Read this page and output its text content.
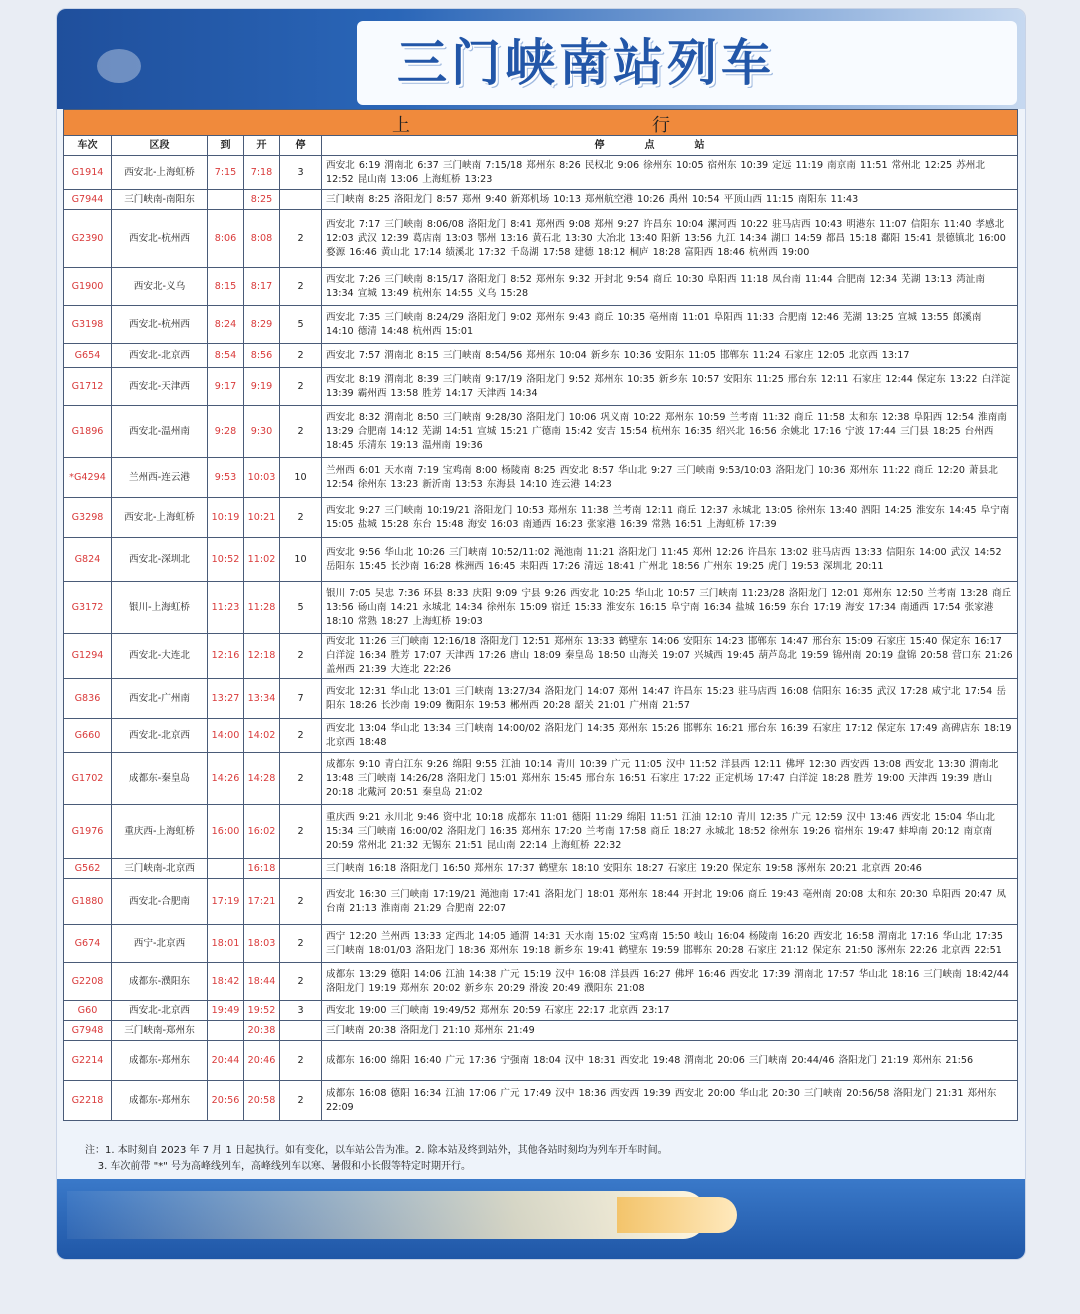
三门峡南站列车
上	行
车次	区段	到	开	停	停点站
G1914	西安北-上海虹桥	7:15	7:18	3	西安北 6:19 渭南北 6:37 三门峡南 7:15/18 郑州东 8:26 民权北 9:06 徐州东 10:05 宿州东 10:39 定远 11:19 南京南 11:51 常州北 12:25 苏州北 12:52 昆山南 13:06 上海虹桥 13:23
G7944	三门峡南-南阳东		8:25		三门峡南 8:25 洛阳龙门 8:57 郑州 9:40 新郑机场 10:13 郑州航空港 10:26 禹州 10:54 平顶山西 11:15 南阳东 11:43
G2390	西安北-杭州西	8:06	8:08	2	西安北 7:17 三门峡南 8:06/08 洛阳龙门 8:41 郑州西 9:08 郑州 9:27 许昌东 10:04 漯河西 10:22 驻马店西 10:43 明港东 11:07 信阳东 11:40 孝感北 12:03 武汉 12:39 葛店南 13:03 鄂州 13:16 黄石北 13:30 大冶北 13:40 阳新 13:56 九江 14:34 湖口 14:59 都昌 15:18 鄱阳 15:41 景德镇北 16:00 婺源 16:46 黄山北 17:14 绩溪北 17:32 千岛湖 17:58 建德 18:12 桐庐 18:28 富阳西 18:46 杭州西 19:00
G1900	西安北-义乌	8:15	8:17	2	西安北 7:26 三门峡南 8:15/17 洛阳龙门 8:52 郑州东 9:32 开封北 9:54 商丘 10:30 阜阳西 11:18 凤台南 11:44 合肥南 12:34 芜湖 13:13 湾沚南 13:34 宣城 13:49 杭州东 14:55 义乌 15:28
G3198	西安北-杭州西	8:24	8:29	5	西安北 7:35 三门峡南 8:24/29 洛阳龙门 9:02 郑州东 9:43 商丘 10:35 亳州南 11:01 阜阳西 11:33 合肥南 12:46 芜湖 13:25 宣城 13:55 郎溪南 14:10 德清 14:48 杭州西 15:01
G654	西安北-北京西	8:54	8:56	2	西安北 7:57 渭南北 8:15 三门峡南 8:54/56 郑州东 10:04 新乡东 10:36 安阳东 11:05 邯郸东 11:24 石家庄 12:05 北京西 13:17
G1712	西安北-天津西	9:17	9:19	2	西安北 8:19 渭南北 8:39 三门峡南 9:17/19 洛阳龙门 9:52 郑州东 10:35 新乡东 10:57 安阳东 11:25 邢台东 12:11 石家庄 12:44 保定东 13:22 白洋淀 13:39 霸州西 13:58 胜芳 14:17 天津西 14:34
G1896	西安北-温州南	9:28	9:30	2	西安北 8:32 渭南北 8:50 三门峡南 9:28/30 洛阳龙门 10:06 巩义南 10:22 郑州东 10:59 兰考南 11:32 商丘 11:58 太和东 12:38 阜阳西 12:54 淮南南 13:29 合肥南 14:12 芜湖 14:51 宣城 15:21 广德南 15:42 安吉 15:54 杭州东 16:35 绍兴北 16:56 余姚北 17:16 宁波 17:44 三门县 18:25 台州西 18:45 乐清东 19:13 温州南 19:36
*G4294	兰州西-连云港	9:53	10:03	10	兰州西 6:01 天水南 7:19 宝鸡南 8:00 杨陵南 8:25 西安北 8:57 华山北 9:27 三门峡南 9:53/10:03 洛阳龙门 10:36 郑州东 11:22 商丘 12:20 萧县北 12:54 徐州东 13:23 新沂南 13:53 东海县 14:10 连云港 14:23
G3298	西安北-上海虹桥	10:19	10:21	2	西安北 9:27 三门峡南 10:19/21 洛阳龙门 10:53 郑州东 11:38 兰考南 12:11 商丘 12:37 永城北 13:05 徐州东 13:40 泗阳 14:25 淮安东 14:45 阜宁南 15:05 盐城 15:28 东台 15:48 海安 16:03 南通西 16:23 张家港 16:39 常熟 16:51 上海虹桥 17:39
G824	西安北-深圳北	10:52	11:02	10	西安北 9:56 华山北 10:26 三门峡南 10:52/11:02 渑池南 11:21 洛阳龙门 11:45 郑州 12:26 许昌东 13:02 驻马店西 13:33 信阳东 14:00 武汉 14:52 岳阳东 15:45 长沙南 16:28 株洲西 16:45 耒阳西 17:26 清远 18:41 广州北 18:56 广州东 19:25 虎门 19:53 深圳北 20:11
G3172	银川-上海虹桥	11:23	11:28	5	银川 7:05 吴忠 7:36 环县 8:33 庆阳 9:09 宁县 9:26 西安北 10:25 华山北 10:57 三门峡南 11:23/28 洛阳龙门 12:01 郑州东 12:50 兰考南 13:28 商丘 13:56 砀山南 14:21 永城北 14:34 徐州东 15:09 宿迁 15:33 淮安东 16:15 阜宁南 16:34 盐城 16:59 东台 17:19 海安 17:34 南通西 17:54 张家港 18:10 常熟 18:27 上海虹桥 19:03
G1294	西安北-大连北	12:16	12:18	2	西安北 11:26 三门峡南 12:16/18 洛阳龙门 12:51 郑州东 13:33 鹤壁东 14:06 安阳东 14:23 邯郸东 14:47 邢台东 15:09 石家庄 15:40 保定东 16:17 白洋淀 16:34 胜芳 17:07 天津西 17:26 唐山 18:09 秦皇岛 18:50 山海关 19:07 兴城西 19:45 葫芦岛北 19:59 锦州南 20:19 盘锦 20:58 营口东 21:26 盖州西 21:39 大连北 22:26
G836	西安北-广州南	13:27	13:34	7	西安北 12:31 华山北 13:01 三门峡南 13:27/34 洛阳龙门 14:07 郑州 14:47 许昌东 15:23 驻马店西 16:08 信阳东 16:35 武汉 17:28 咸宁北 17:54 岳阳东 18:26 长沙南 19:09 衡阳东 19:53 郴州西 20:28 韶关 21:01 广州南 21:57
G660	西安北-北京西	14:00	14:02	2	西安北 13:04 华山北 13:34 三门峡南 14:00/02 洛阳龙门 14:35 郑州东 15:26 邯郸东 16:21 邢台东 16:39 石家庄 17:12 保定东 17:49 高碑店东 18:19 北京西 18:48
G1702	成都东-秦皇岛	14:26	14:28	2	成都东 9:10 青白江东 9:26 绵阳 9:55 江油 10:14 青川 10:39 广元 11:05 汉中 11:52 洋县西 12:11 佛坪 12:30 西安西 13:08 西安北 13:30 渭南北 13:48 三门峡南 14:26/28 洛阳龙门 15:01 郑州东 15:45 邢台东 16:51 石家庄 17:22 正定机场 17:47 白洋淀 18:28 胜芳 19:00 天津西 19:39 唐山 20:18 北戴河 20:51 秦皇岛 21:02
G1976	重庆西-上海虹桥	16:00	16:02	2	重庆西 9:21 永川北 9:46 资中北 10:18 成都东 11:01 德阳 11:29 绵阳 11:51 江油 12:10 青川 12:35 广元 12:59 汉中 13:46 西安北 15:04 华山北 15:34 三门峡南 16:00/02 洛阳龙门 16:35 郑州东 17:20 兰考南 17:58 商丘 18:27 永城北 18:52 徐州东 19:26 宿州东 19:47 蚌埠南 20:12 南京南 20:59 常州北 21:32 无锡东 21:51 昆山南 22:14 上海虹桥 22:32
G562	三门峡南-北京西		16:18		三门峡南 16:18 洛阳龙门 16:50 郑州东 17:37 鹤壁东 18:10 安阳东 18:27 石家庄 19:20 保定东 19:58 涿州东 20:21 北京西 20:46
G1880	西安北-合肥南	17:19	17:21	2	西安北 16:30 三门峡南 17:19/21 渑池南 17:41 洛阳龙门 18:01 郑州东 18:44 开封北 19:06 商丘 19:43 亳州南 20:08 太和东 20:30 阜阳西 20:47 凤台南 21:13 淮南南 21:29 合肥南 22:07
G674	西宁-北京西	18:01	18:03	2	西宁 12:20 兰州西 13:33 定西北 14:05 通渭 14:31 天水南 15:02 宝鸡南 15:50 岐山 16:04 杨陵南 16:20 西安北 16:58 渭南北 17:16 华山北 17:35 三门峡南 18:01/03 洛阳龙门 18:36 郑州东 19:18 新乡东 19:41 鹤壁东 19:59 邯郸东 20:28 石家庄 21:12 保定东 21:50 涿州东 22:26 北京西 22:51
G2208	成都东-濮阳东	18:42	18:44	2	成都东 13:29 德阳 14:06 江油 14:38 广元 15:19 汉中 16:08 洋县西 16:27 佛坪 16:46 西安北 17:39 渭南北 17:57 华山北 18:16 三门峡南 18:42/44 洛阳龙门 19:19 郑州东 20:02 新乡东 20:29 滑浚 20:49 濮阳东 21:08
G60	西安北-北京西	19:49	19:52	3	西安北 19:00 三门峡南 19:49/52 郑州东 20:59 石家庄 22:17 北京西 23:17
G7948	三门峡南-郑州东		20:38		三门峡南 20:38 洛阳龙门 21:10 郑州东 21:49
G2214	成都东-郑州东	20:44	20:46	2	成都东 16:00 绵阳 16:40 广元 17:36 宁强南 18:04 汉中 18:31 西安北 19:48 渭南北 20:06 三门峡南 20:44/46 洛阳龙门 21:19 郑州东 21:56
G2218	成都东-郑州东	20:56	20:58	2	成都东 16:08 德阳 16:34 江油 17:06 广元 17:49 汉中 18:36 西安西 19:39 西安北 20:00 华山北 20:30 三门峡南 20:56/58 洛阳龙门 21:31 郑州东 22:09
注：1. 本时刻自 2023 年 7 月 1 日起执行。如有变化，以车站公告为准。2. 除本站及终到站外，其他各站时刻均为列车开车时间。
3. 车次前带 "*" 号为高峰线列车，高峰线列车以寒、暑假和小长假等特定时期开行。
